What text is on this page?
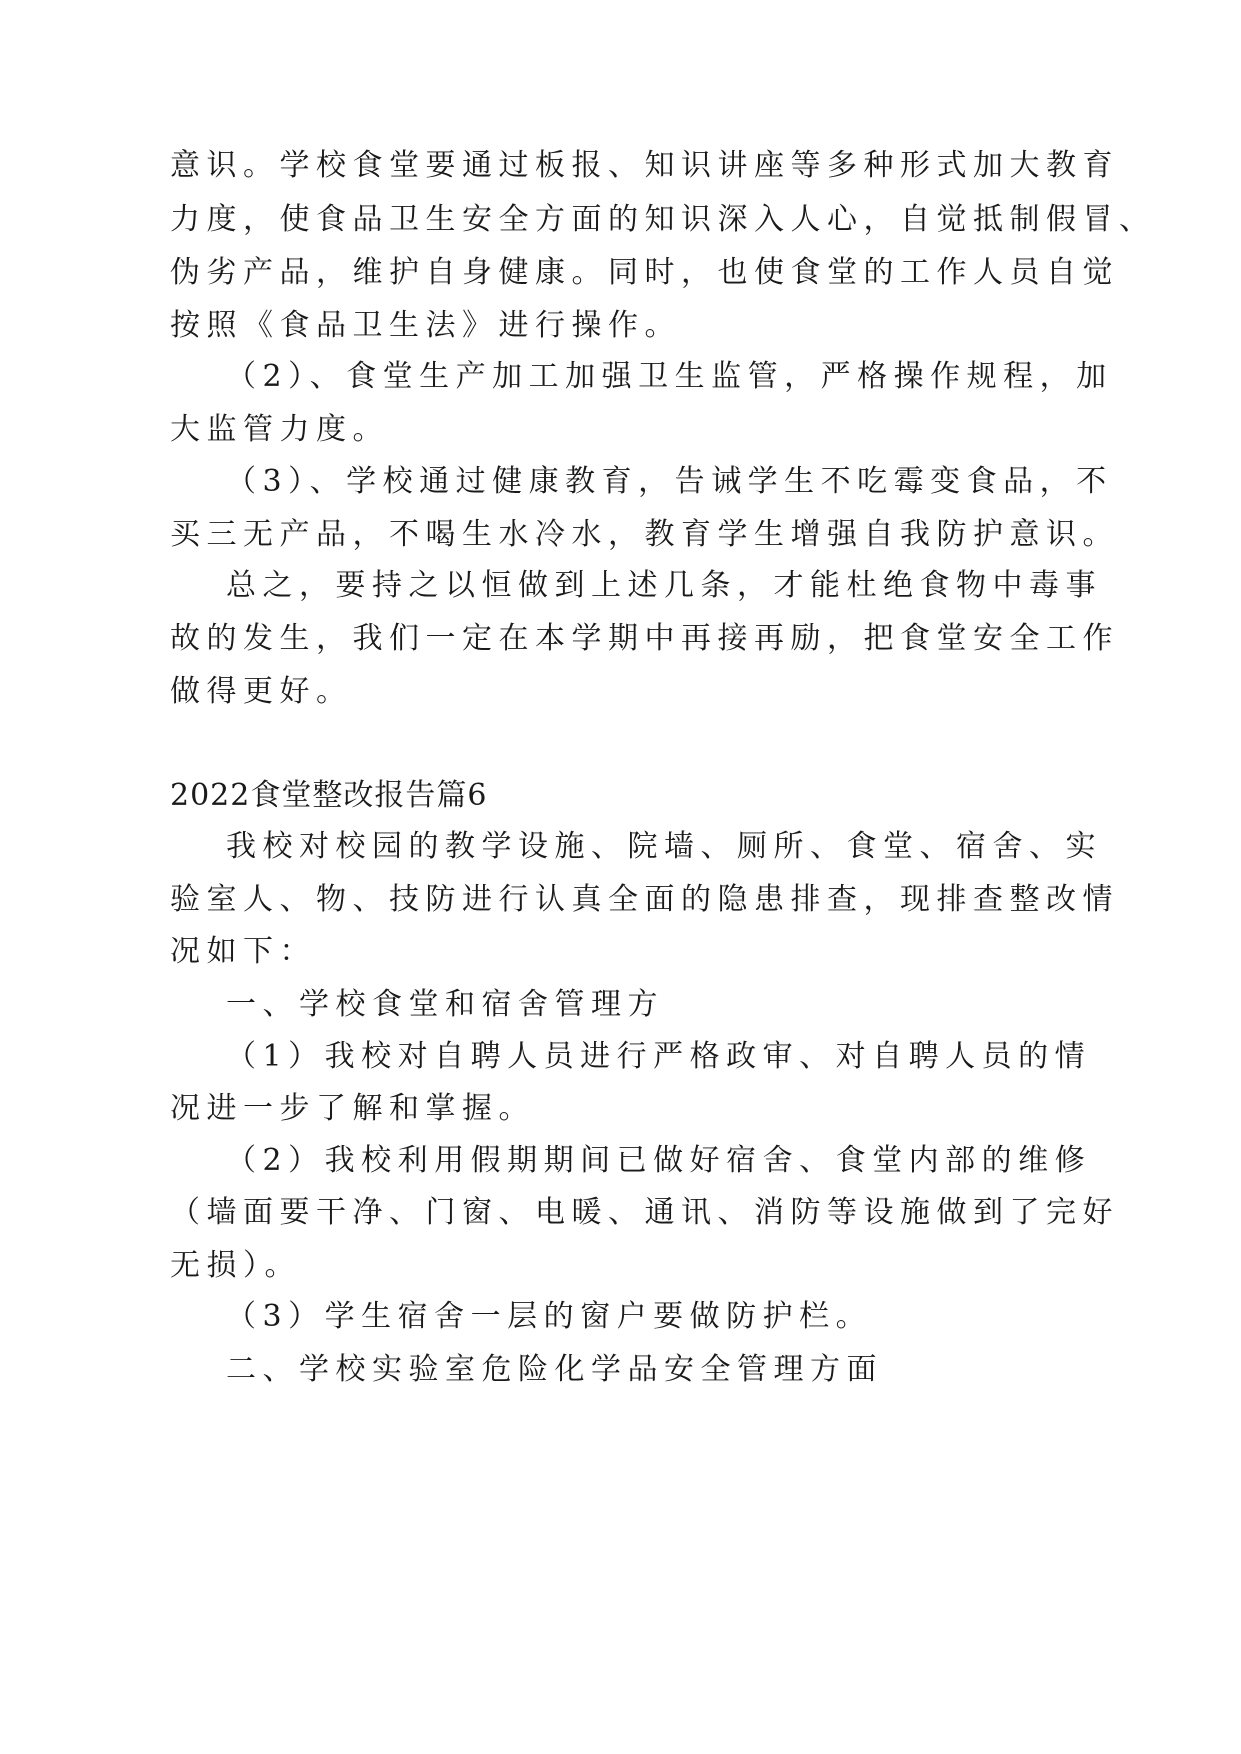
意识。学校食堂要通过板报、知识讲座等多种形式加大教育
力度，使食品卫生安全方面的知识深入人心，自觉抵制假冒、
伪劣产品，维护自身健康。同时，也使食堂的工作人员自觉
按照《食品卫生法》进行操作。
（2）、食堂生产加工加强卫生监管，严格操作规程，加
大监管力度。
（3）、学校通过健康教育，告诫学生不吃霉变食品，不
买三无产品，不喝生水冷水，教育学生增强自我防护意识。
总之，要持之以恒做到上述几条，才能杜绝食物中毒事
故的发生，我们一定在本学期中再接再励，把食堂安全工作
做得更好。
2022食堂整改报告篇6
我校对校园的教学设施、院墙、厕所、食堂、宿舍、实
验室人、物、技防进行认真全面的隐患排查，现排查整改情
况如下：
一、学校食堂和宿舍管理方
（1）我校对自聘人员进行严格政审、对自聘人员的情
况进一步了解和掌握。
（2）我校利用假期期间已做好宿舍、食堂内部的维修
（墙面要干净、门窗、电暖、通讯、消防等设施做到了完好
无损）。
（3）学生宿舍一层的窗户要做防护栏。
二、学校实验室危险化学品安全管理方面
